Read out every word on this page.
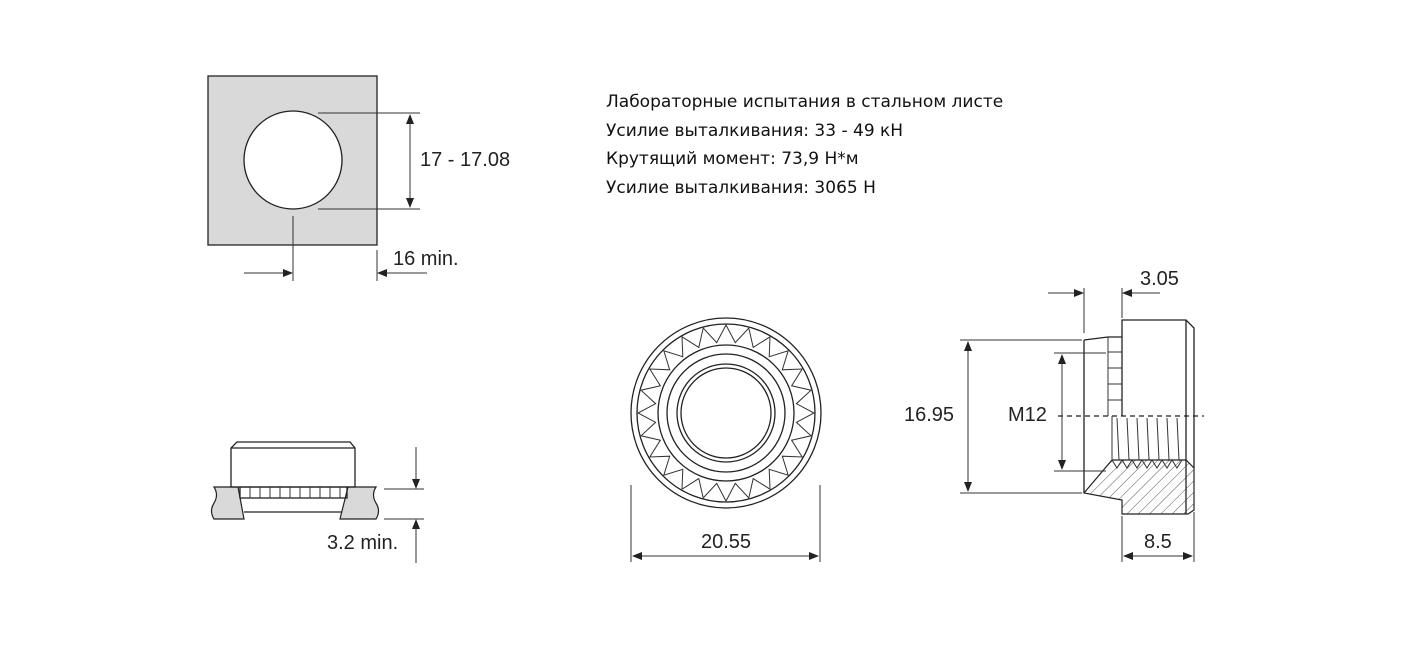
17 - 17.08
16 min.
3.2 min.	20.55
16.95	M12
3.05
8.5
Лабораторные испытания в стальном листе
Усилие выталкивания: 33 - 49 кН
Крутящий момент: 73,9 Н*м
Усилие выталкивания: 3065 Н
